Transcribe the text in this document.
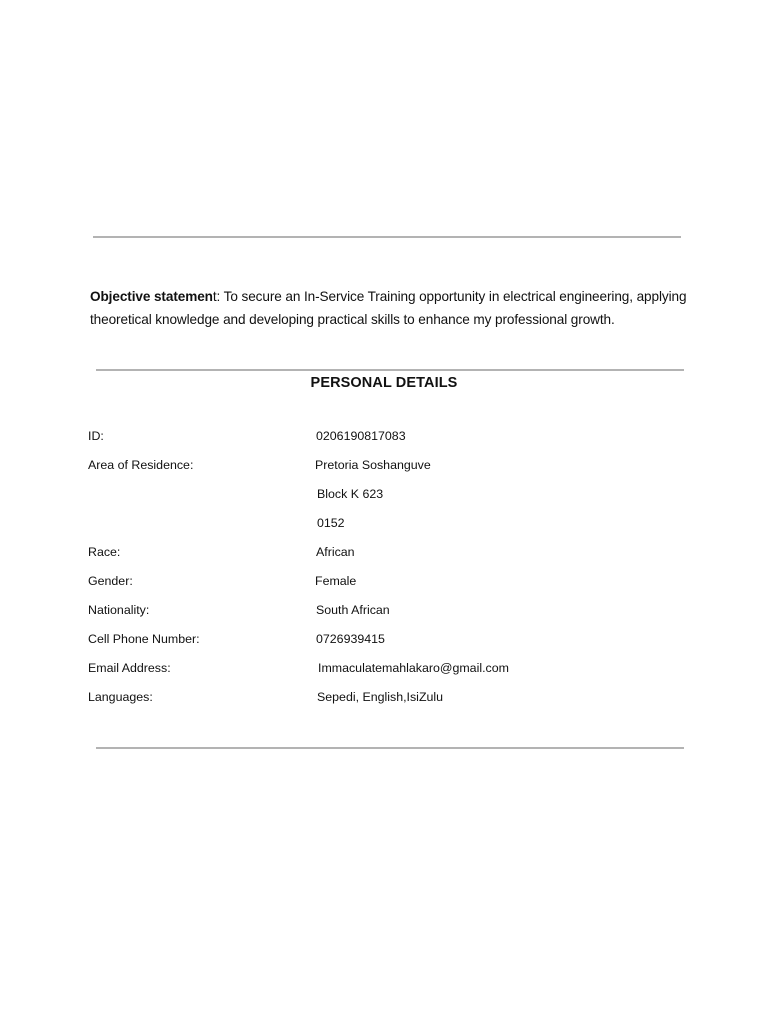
Objective statement: To secure an In-Service Training opportunity in electrical engineering, applying
theoretical knowledge and developing practical skills to enhance my professional growth.
PERSONAL DETAILS
ID:	0206190817083
Area of Residence:	Pretoria Soshanguve
Block K 623
0152
Race:	African
Gender:	Female
Nationality:	South African
Cell Phone Number:	0726939415
Email Address:	Immaculatemahlakaro@gmail.com
Languages:	Sepedi, English,IsiZulu
